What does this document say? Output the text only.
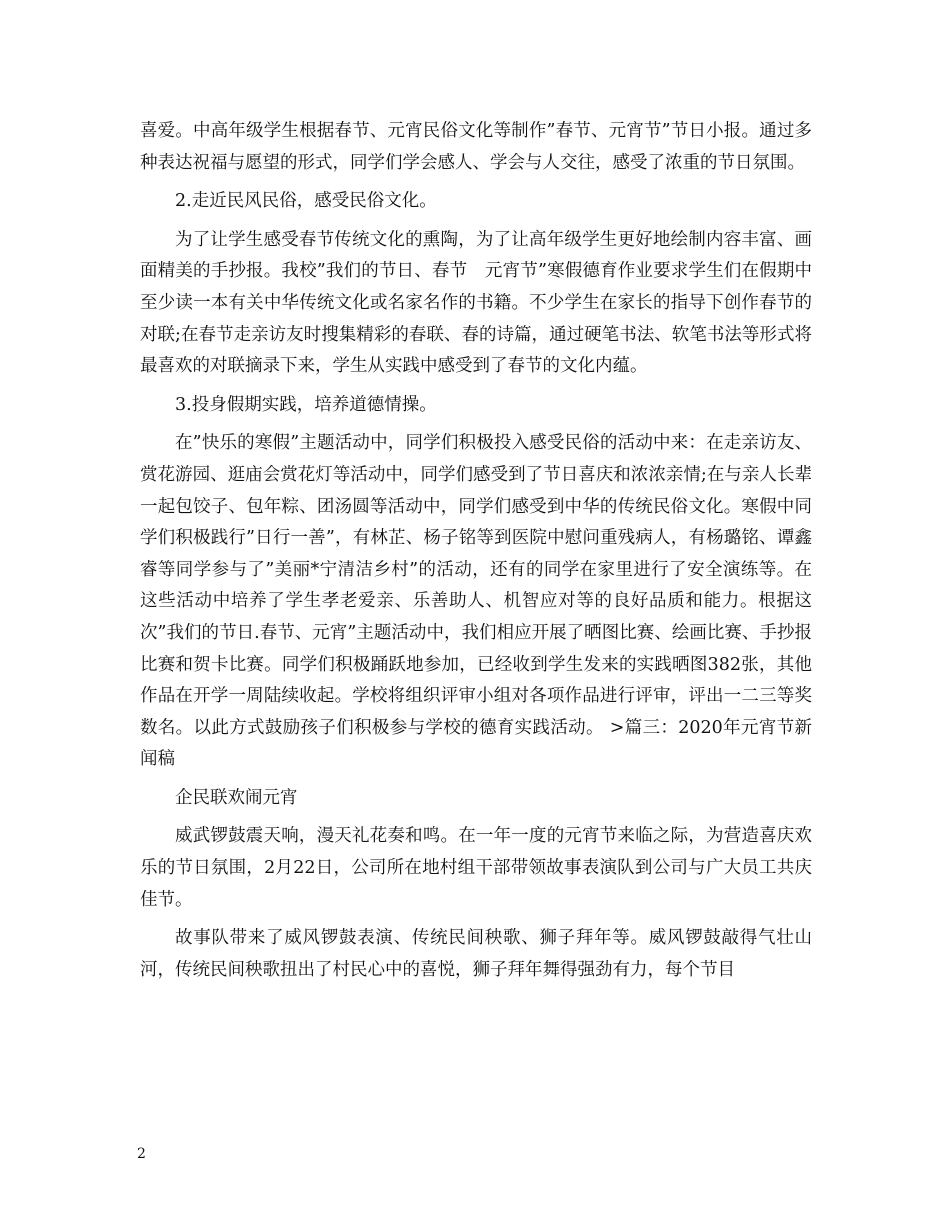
喜爱。中高年级学生根据春节、元宵民俗文化等制作”春节、元宵节”节日小报。通过多种表达祝福与愿望的形式，同学们学会感人、学会与人交往，感受了浓重的节日氛围。

2.走近民风民俗，感受民俗文化。

为了让学生感受春节传统文化的熏陶，为了让高年级学生更好地绘制内容丰富、画面精美的手抄报。我校”我们的节日、春节　元宵节”寒假德育作业要求学生们在假期中至少读一本有关中华传统文化或名家名作的书籍。不少学生在家长的指导下创作春节的对联;在春节走亲访友时搜集精彩的春联、春的诗篇，通过硬笔书法、软笔书法等形式将最喜欢的对联摘录下来，学生从实践中感受到了春节的文化内蕴。

3.投身假期实践，培养道德情操。

在”快乐的寒假”主题活动中，同学们积极投入感受民俗的活动中来：在走亲访友、赏花游园、逛庙会赏花灯等活动中，同学们感受到了节日喜庆和浓浓亲情;在与亲人长辈一起包饺子、包年粽、团汤圆等活动中，同学们感受到中华的传统民俗文化。寒假中同学们积极践行”日行一善”，有林芷、杨子铭等到医院中慰问重残病人，有杨璐铭、谭鑫睿等同学参与了”美丽*宁清洁乡村”的活动，还有的同学在家里进行了安全演练等。在这些活动中培养了学生孝老爱亲、乐善助人、机智应对等的良好品质和能力。根据这次”我们的节日.春节、元宵”主题活动中，我们相应开展了晒图比赛、绘画比赛、手抄报比赛和贺卡比赛。同学们积极踊跃地参加，已经收到学生发来的实践晒图382张，其他作品在开学一周陆续收起。学校将组织评审小组对各项作品进行评审，评出一二三等奖数名。以此方式鼓励孩子们积极参与学校的德育实践活动。 >篇三：2020年元宵节新闻稿

企民联欢闹元宵

威武锣鼓震天响，漫天礼花奏和鸣。在一年一度的元宵节来临之际，为营造喜庆欢乐的节日氛围，2月22日，公司所在地村组干部带领故事表演队到公司与广大员工共庆佳节。

故事队带来了威风锣鼓表演、传统民间秧歌、狮子拜年等。威风锣鼓敲得气壮山河，传统民间秧歌扭出了村民心中的喜悦，狮子拜年舞得强劲有力，每个节目

2
